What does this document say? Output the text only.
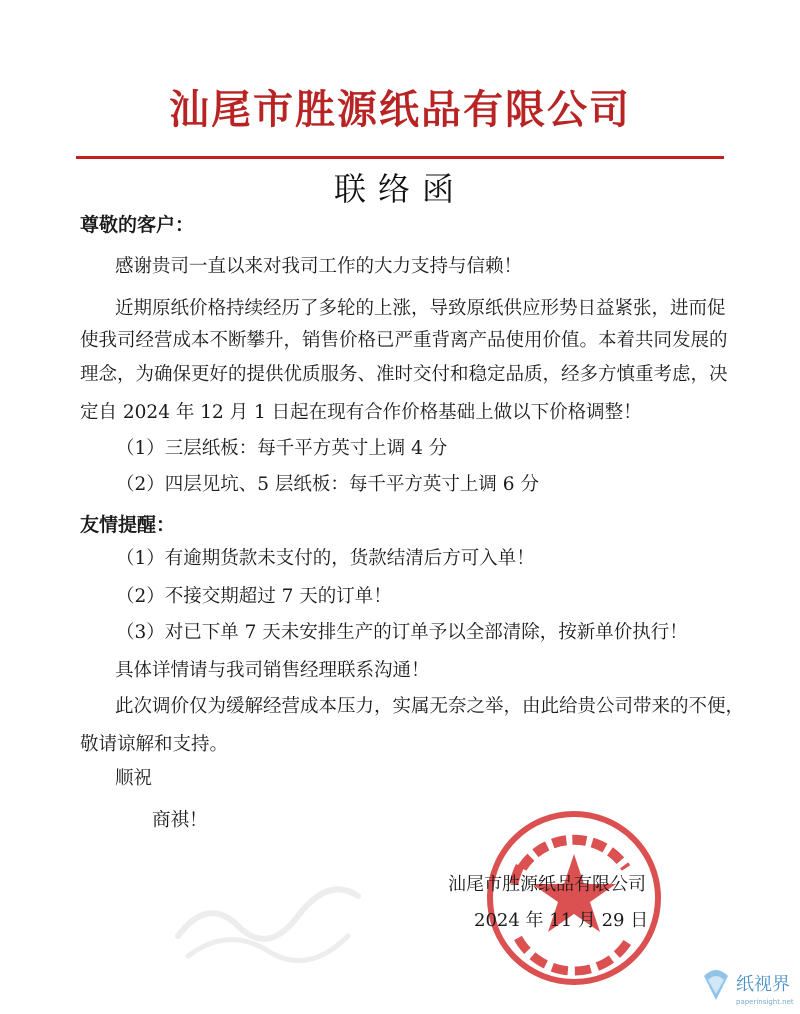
汕尾市胜源纸品有限公司
联络函
尊敬的客户：
感谢贵司一直以来对我司工作的大力支持与信赖！
近期原纸价格持续经历了多轮的上涨，导致原纸供应形势日益紧张，进而促
使我司经营成本不断攀升，销售价格已严重背离产品使用价值。本着共同发展的
理念，为确保更好的提供优质服务、准时交付和稳定品质，经多方慎重考虑，决
定自 2024 年 12 月 1 日起在现有合作价格基础上做以下价格调整！
（1）三层纸板：每千平方英寸上调 4 分
（2）四层见坑、5 层纸板：每千平方英寸上调 6 分
友情提醒：
（1）有逾期货款未支付的，货款结清后方可入单！
（2）不接交期超过 7 天的订单！
（3）对已下单 7 天未安排生产的订单予以全部清除，按新单价执行！
具体详情请与我司销售经理联系沟通！
此次调价仅为缓解经营成本压力，实属无奈之举，由此给贵公司带来的不便，
敬请谅解和支持。
顺祝
商祺！
汕尾市胜源纸品有限公司
2024 年 11 月 29 日
纸视界
paperinsight.net
